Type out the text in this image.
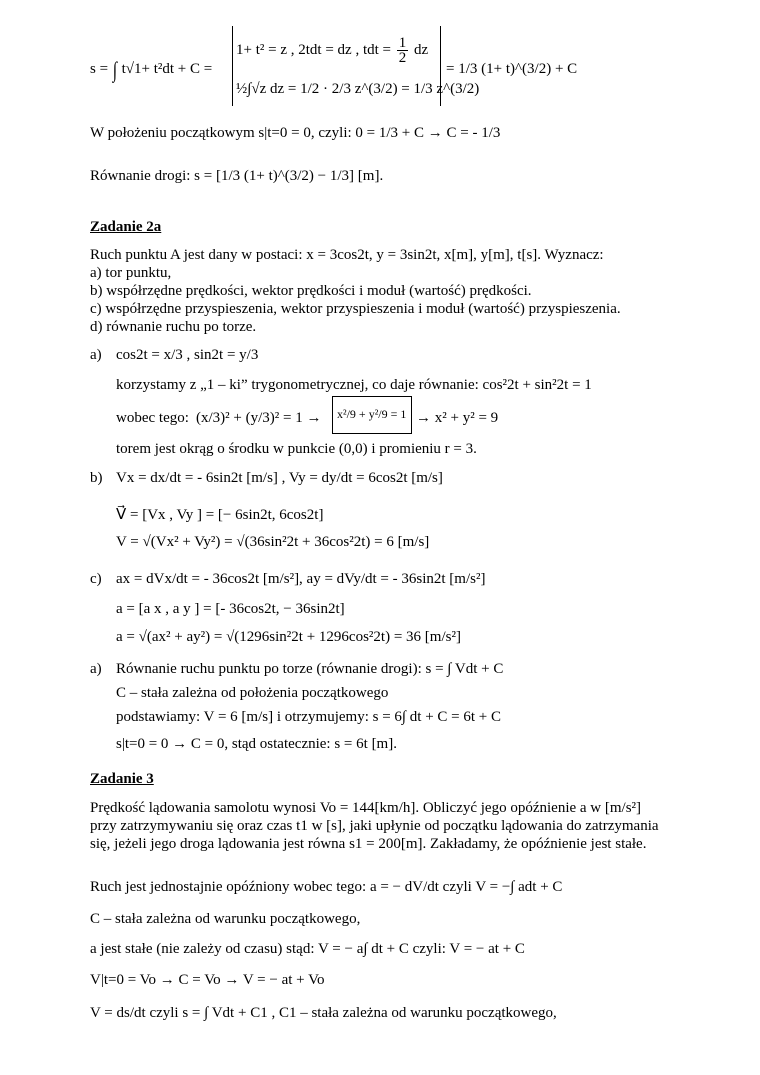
s = ∫ t√1+ t²dt + C =
1+ t² = z , 2tdt = dz , tdt = $\frac{1}{2}$ dz
½∫√z dz = 1/2 · 2/3 z^(3/2) = 1/3 z^(3/2)
= 1/3 (1+ t)^(3/2) + C
W położeniu początkowym s|t=0 = 0, czyli: 0 = 1/3 + C → C = - 1/3
Równanie drogi: s = [1/3 (1+ t)^(3/2) − 1/3] [m].
Zadanie 2a
Ruch punktu A jest dany w postaci: x = 3cos2t, y = 3sin2t, x[m], y[m], t[s]. Wyznacz:
a) tor punktu,
b) współrzędne prędkości, wektor prędkości i moduł (wartość) prędkości.
c) współrzędne przyspieszenia, wektor przyspieszenia i moduł (wartość) przyspieszenia.
d) równanie ruchu po torze.
a) cos2t = x/3 , sin2t = y/3
korzystamy z „1 – ki” trygonometrycznej, co daje równanie: cos²2t + sin²2t = 1
wobec tego: (x/3)² + (y/3)² = 1 → x²/9 + y²/9 = 1 → x² + y² = 9
torem jest okrąg o środku w punkcie (0,0) i promieniu r = 3.
b) Vx = dx/dt = - 6sin2t [m/s] , Vy = dy/dt = 6cos2t [m/s]
V⃗ = [Vx , Vy ] = [− 6sin2t, 6cos2t]
V = √(Vx² + Vy²) = √(36sin²2t + 36cos²2t) = 6 [m/s]
c) ax = dVx/dt = - 36cos2t [m/s²], ay = dVy/dt = - 36sin2t [m/s²]
a = [a x , a y ] = [- 36cos2t, − 36sin2t]
a = √(ax² + ay²) = √(1296sin²2t + 1296cos²2t) = 36 [m/s²]
a) Równanie ruchu punktu po torze (równanie drogi): s = ∫ Vdt + C
C – stała zależna od położenia początkowego
podstawiamy: V = 6 [m/s] i otrzymujemy: s = 6∫ dt + C = 6t + C
s|t=0 = 0 → C = 0, stąd ostatecznie: s = 6t [m].
Zadanie 3
Prędkość lądowania samolotu wynosi Vo = 144[km/h]. Obliczyć jego opóźnienie a w [m/s²]
przy zatrzymywaniu się oraz czas t1 w [s], jaki upłynie od początku lądowania do zatrzymania
się, jeżeli jego droga lądowania jest równa s1 = 200[m]. Zakładamy, że opóźnienie jest stałe.
Ruch jest jednostajnie opóźniony wobec tego: a = − dV/dt czyli V = −∫ adt + C
C – stała zależna od warunku początkowego,
a jest stałe (nie zależy od czasu) stąd: V = − a∫ dt + C czyli: V = − at + C
V|t=0 = Vo → C = Vo → V = − at + Vo
V = ds/dt czyli s = ∫ Vdt + C1 , C1 – stała zależna od warunku początkowego,
